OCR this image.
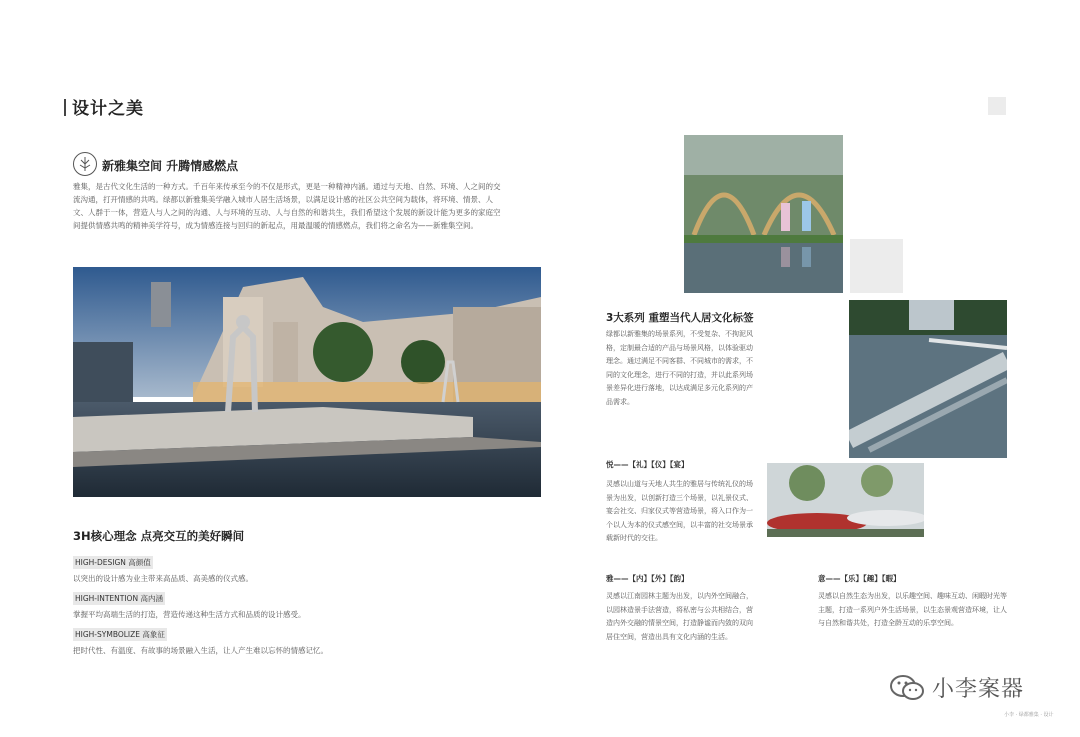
设计之美
新雅集空间 升腾情感燃点
雅集，是古代文化生活的一种方式。千百年来传承至今的不仅是形式，更是一种精神内涵。通过与天地、自然、环境、人之间的交流沟通，打开情感的共鸣。绿都以新雅集美学融入城市人居生活场景，以满足设计感的社区公共空间为载体，将环境、情景、人文、人群于一体，营造人与人之间的沟通、人与环境的互动、人与自然的和谐共生，我们希望这个发展的新设计能为更多的家庭空间提供情感共鸣的精神美学符号，成为情感连接与回归的新起点，用最温暖的情感燃点，我们将之命名为——新雅集空间。
3H核心理念 点亮交互的美好瞬间
HIGH-DESIGN 高颜值
以突出的设计感为业主带来高品质、高美感的仪式感。
HIGH-INTENTION 高内涵
掌握平均高端生活的打造，营造传递这种生活方式和品质的设计感受。
HIGH-SYMBOLIZE 高象征
把时代性、有温度、有故事的场景融入生活，让人产生难以忘怀的情感记忆。
3大系列 重塑当代人居文化标签
绿都以新雅集的场景系列，不受复杂、不拘泥风格，定制最合适的产品与场景风格，以体验驱动理念。通过满足不同客群、不同城市的需求，不同的文化理念，进行不同的打造，并以此系列场景差异化进行落地，以达成满足多元化系列的产品需求。
悦——【礼】【仪】【宴】
灵感以山道与天地人共生的雅居与传统礼仪的场景为出发，以创新打造三个场景，以礼景仪式、宴会社交、归家仪式等营造场景，将入口作为一个以人为本的仪式感空间，以丰富的社交场景承载新时代的交往。
雅——【内】【外】【韵】
灵感以江南园林主题为出发，以内外空间融合，以园林造景手法营造，将私密与公共相结合，营造内外交融的情景空间，打造静谧而内敛的双向居住空间，营造出具有文化内涵的生活。
意——【乐】【趣】【暇】
灵感以自然生态为出发，以乐趣空间、趣味互动、闲暇时光等主题，打造一系列户外生活场景，以生态景观营造环境，让人与自然和谐共处，打造全龄互动的乐享空间。
小李案器
小李 · 绿都雅集 · 设计
